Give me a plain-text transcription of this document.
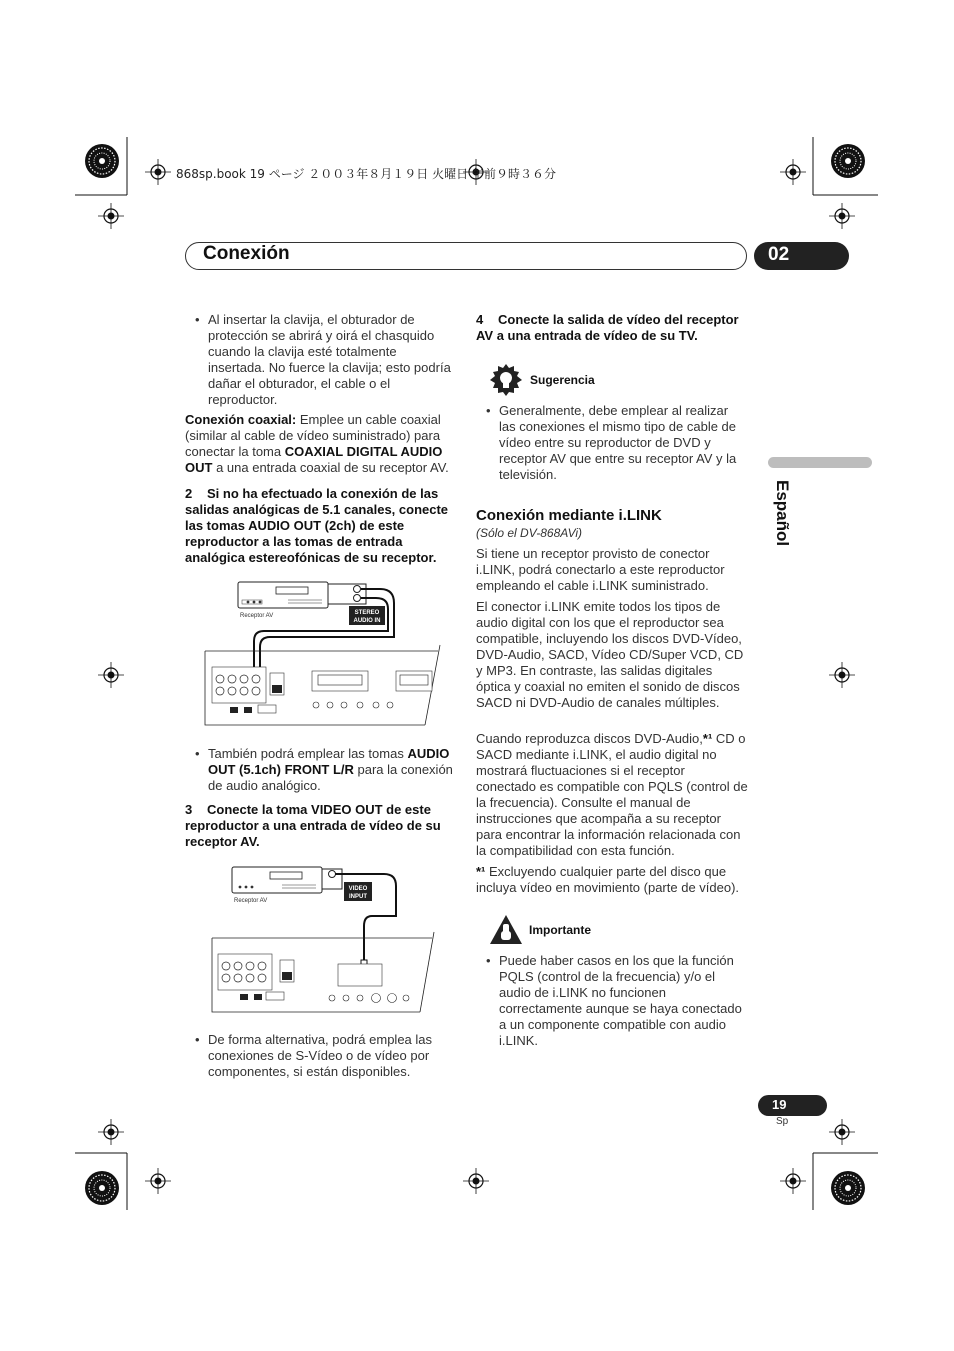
868sp.book 19 ページ ２００３年８月１９日 火曜日 午前９時３６分
Conexión	02
Español
• Al insertar la clavija, el obturador de protección se abrirá y oirá el chasquido cuando la clavija esté totalmente insertada. No fuerce la clavija; esto podría dañar el obturador, el cable o el reproductor.

Conexión coaxial: Emplee un cable coaxial (similar al cable de vídeo suministrado) para conectar la toma COAXIAL DIGITAL AUDIO OUT a una entrada coaxial de su receptor AV.

2	Si no ha efectuado la conexión de las salidas analógicas de 5.1 canales, conecte las tomas AUDIO OUT (2ch) de este reproductor a las tomas de entrada analógica estereofónicas de su receptor.

STEREO
AUDIO IN
Receptor AV
• También podrá emplear las tomas AUDIO OUT (5.1ch) FRONT L/R para la conexión de audio analógico.

3	Conecte la toma VIDEO OUT de este reproductor a una entrada de vídeo de su receptor AV.

VIDEO
INPUT
Receptor AV
• De forma alternativa, podrá emplea las conexiones de S-Vídeo o de vídeo por componentes, si están disponibles.

4	Conecte la salida de vídeo del receptor AV a una entrada de vídeo de su TV.

Sugerencia
• Generalmente, debe emplear al realizar las conexiones el mismo tipo de cable de vídeo entre su reproductor de DVD y receptor AV que entre su receptor AV y la televisión.

Conexión mediante i.LINK
(Sólo el DV-868AVi)

Si tiene un receptor provisto de conector i.LINK, podrá conectarlo a este reproductor empleando el cable i.LINK suministrado.

El conector i.LINK emite todos los tipos de audio digital con los que el reproductor sea compatible, incluyendo los discos DVD-Vídeo, DVD-Audio, SACD, Vídeo CD/Super VCD, CD y MP3. En contraste, las salidas digitales óptica y coaxial no emiten el sonido de discos SACD ni DVD-Audio de canales múltiples.

Cuando reproduzca discos DVD-Audio,*¹ CD o SACD mediante i.LINK, el audio digital no mostrará fluctuaciones si el receptor conectado es compatible con PQLS (control de la frecuencia). Consulte el manual de instrucciones que acompaña a su receptor para encontrar la información relacionada con la compatibilidad con esta función.

*¹ Excluyendo cualquier parte del disco que incluya vídeo en movimiento (parte de vídeo).

Importante
• Puede haber casos en los que la función PQLS (control de la frecuencia) y/o el audio de i.LINK no funcionen correctamente aunque se haya conectado a un componente compatible con audio i.LINK.

19
Sp
